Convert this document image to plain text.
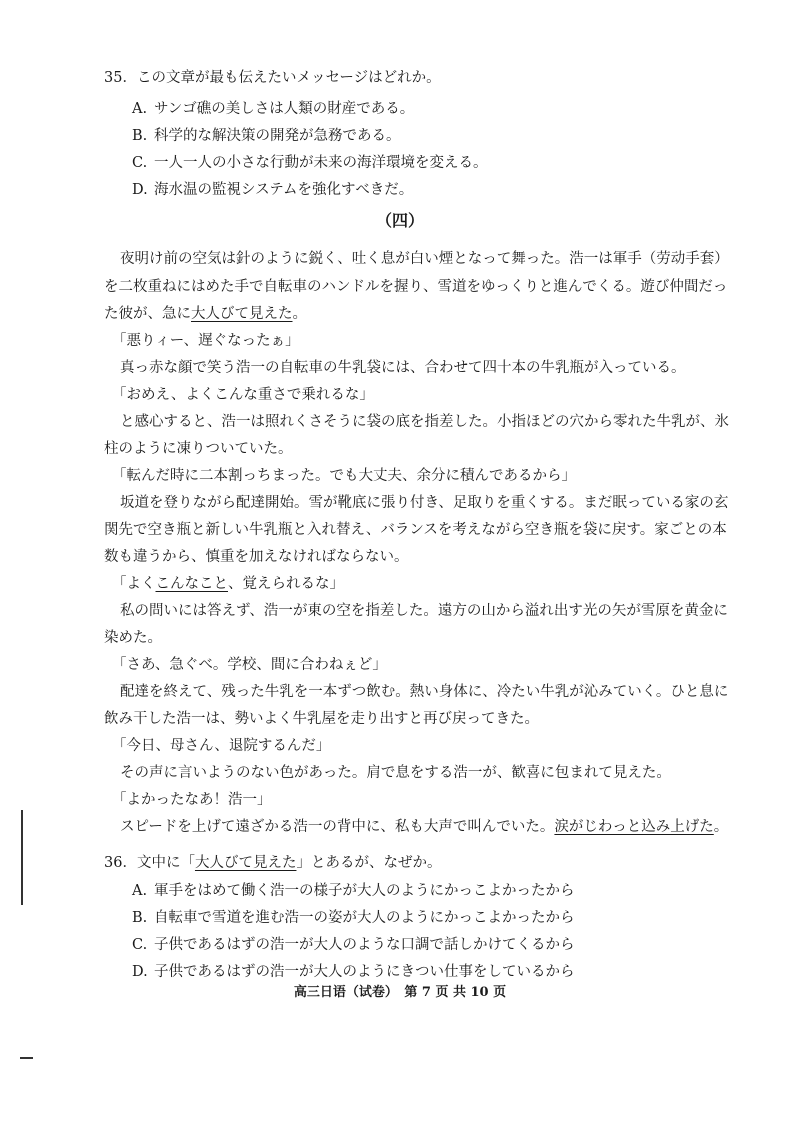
35．この文章が最も伝えたいメッセージはどれか。
A. サンゴ礁の美しさは人類の財産である。
B. 科学的な解決策の開発が急務である。
C. 一人一人の小さな行動が未来の海洋環境を変える。
D. 海水温の監視システムを強化すべきだ。
（四）
夜明け前の空気は針のように鋭く、吐く息が白い煙となって舞った。浩一は軍手（劳动手套）
を二枚重ねにはめた手で自転車のハンドルを握り、雪道をゆっくりと進んでくる。遊び仲間だっ
た彼が、急に大人びて見えた。
「悪りィー、遅ぐなったぁ」
真っ赤な顔で笑う浩一の自転車の牛乳袋には、合わせて四十本の牛乳瓶が入っている。
「おめえ、よくこんな重さで乗れるな」
と感心すると、浩一は照れくさそうに袋の底を指差した。小指ほどの穴から零れた牛乳が、氷
柱のように凍りついていた。
「転んだ時に二本割っちまった。でも大丈夫、余分に積んであるから」
坂道を登りながら配達開始。雪が靴底に張り付き、足取りを重くする。まだ眠っている家の玄
関先で空き瓶と新しい牛乳瓶と入れ替え、バランスを考えながら空き瓶を袋に戻す。家ごとの本
数も違うから、慎重を加えなければならない。
「よくこんなこと、覚えられるな」
私の問いには答えず、浩一が東の空を指差した。遠方の山から溢れ出す光の矢が雪原を黄金に
染めた。
「さあ、急ぐべ。学校、間に合わねぇど」
配達を終えて、残った牛乳を一本ずつ飲む。熱い身体に、冷たい牛乳が沁みていく。ひと息に
飲み干した浩一は、勢いよく牛乳屋を走り出すと再び戻ってきた。
「今日、母さん、退院するんだ」
その声に言いようのない色があった。肩で息をする浩一が、歓喜に包まれて見えた。
「よかったなあ！浩一」
スピードを上げて遠ざかる浩一の背中に、私も大声で叫んでいた。涙がじわっと込み上げた。
36．文中に「大人びて見えた」とあるが、なぜか。
A. 軍手をはめて働く浩一の様子が大人のようにかっこよかったから
B. 自転車で雪道を進む浩一の姿が大人のようにかっこよかったから
C. 子供であるはずの浩一が大人のような口調で話しかけてくるから
D. 子供であるはずの浩一が大人のようにきつい仕事をしているから
高三日语（试卷）　第 7 页 共 10 页
